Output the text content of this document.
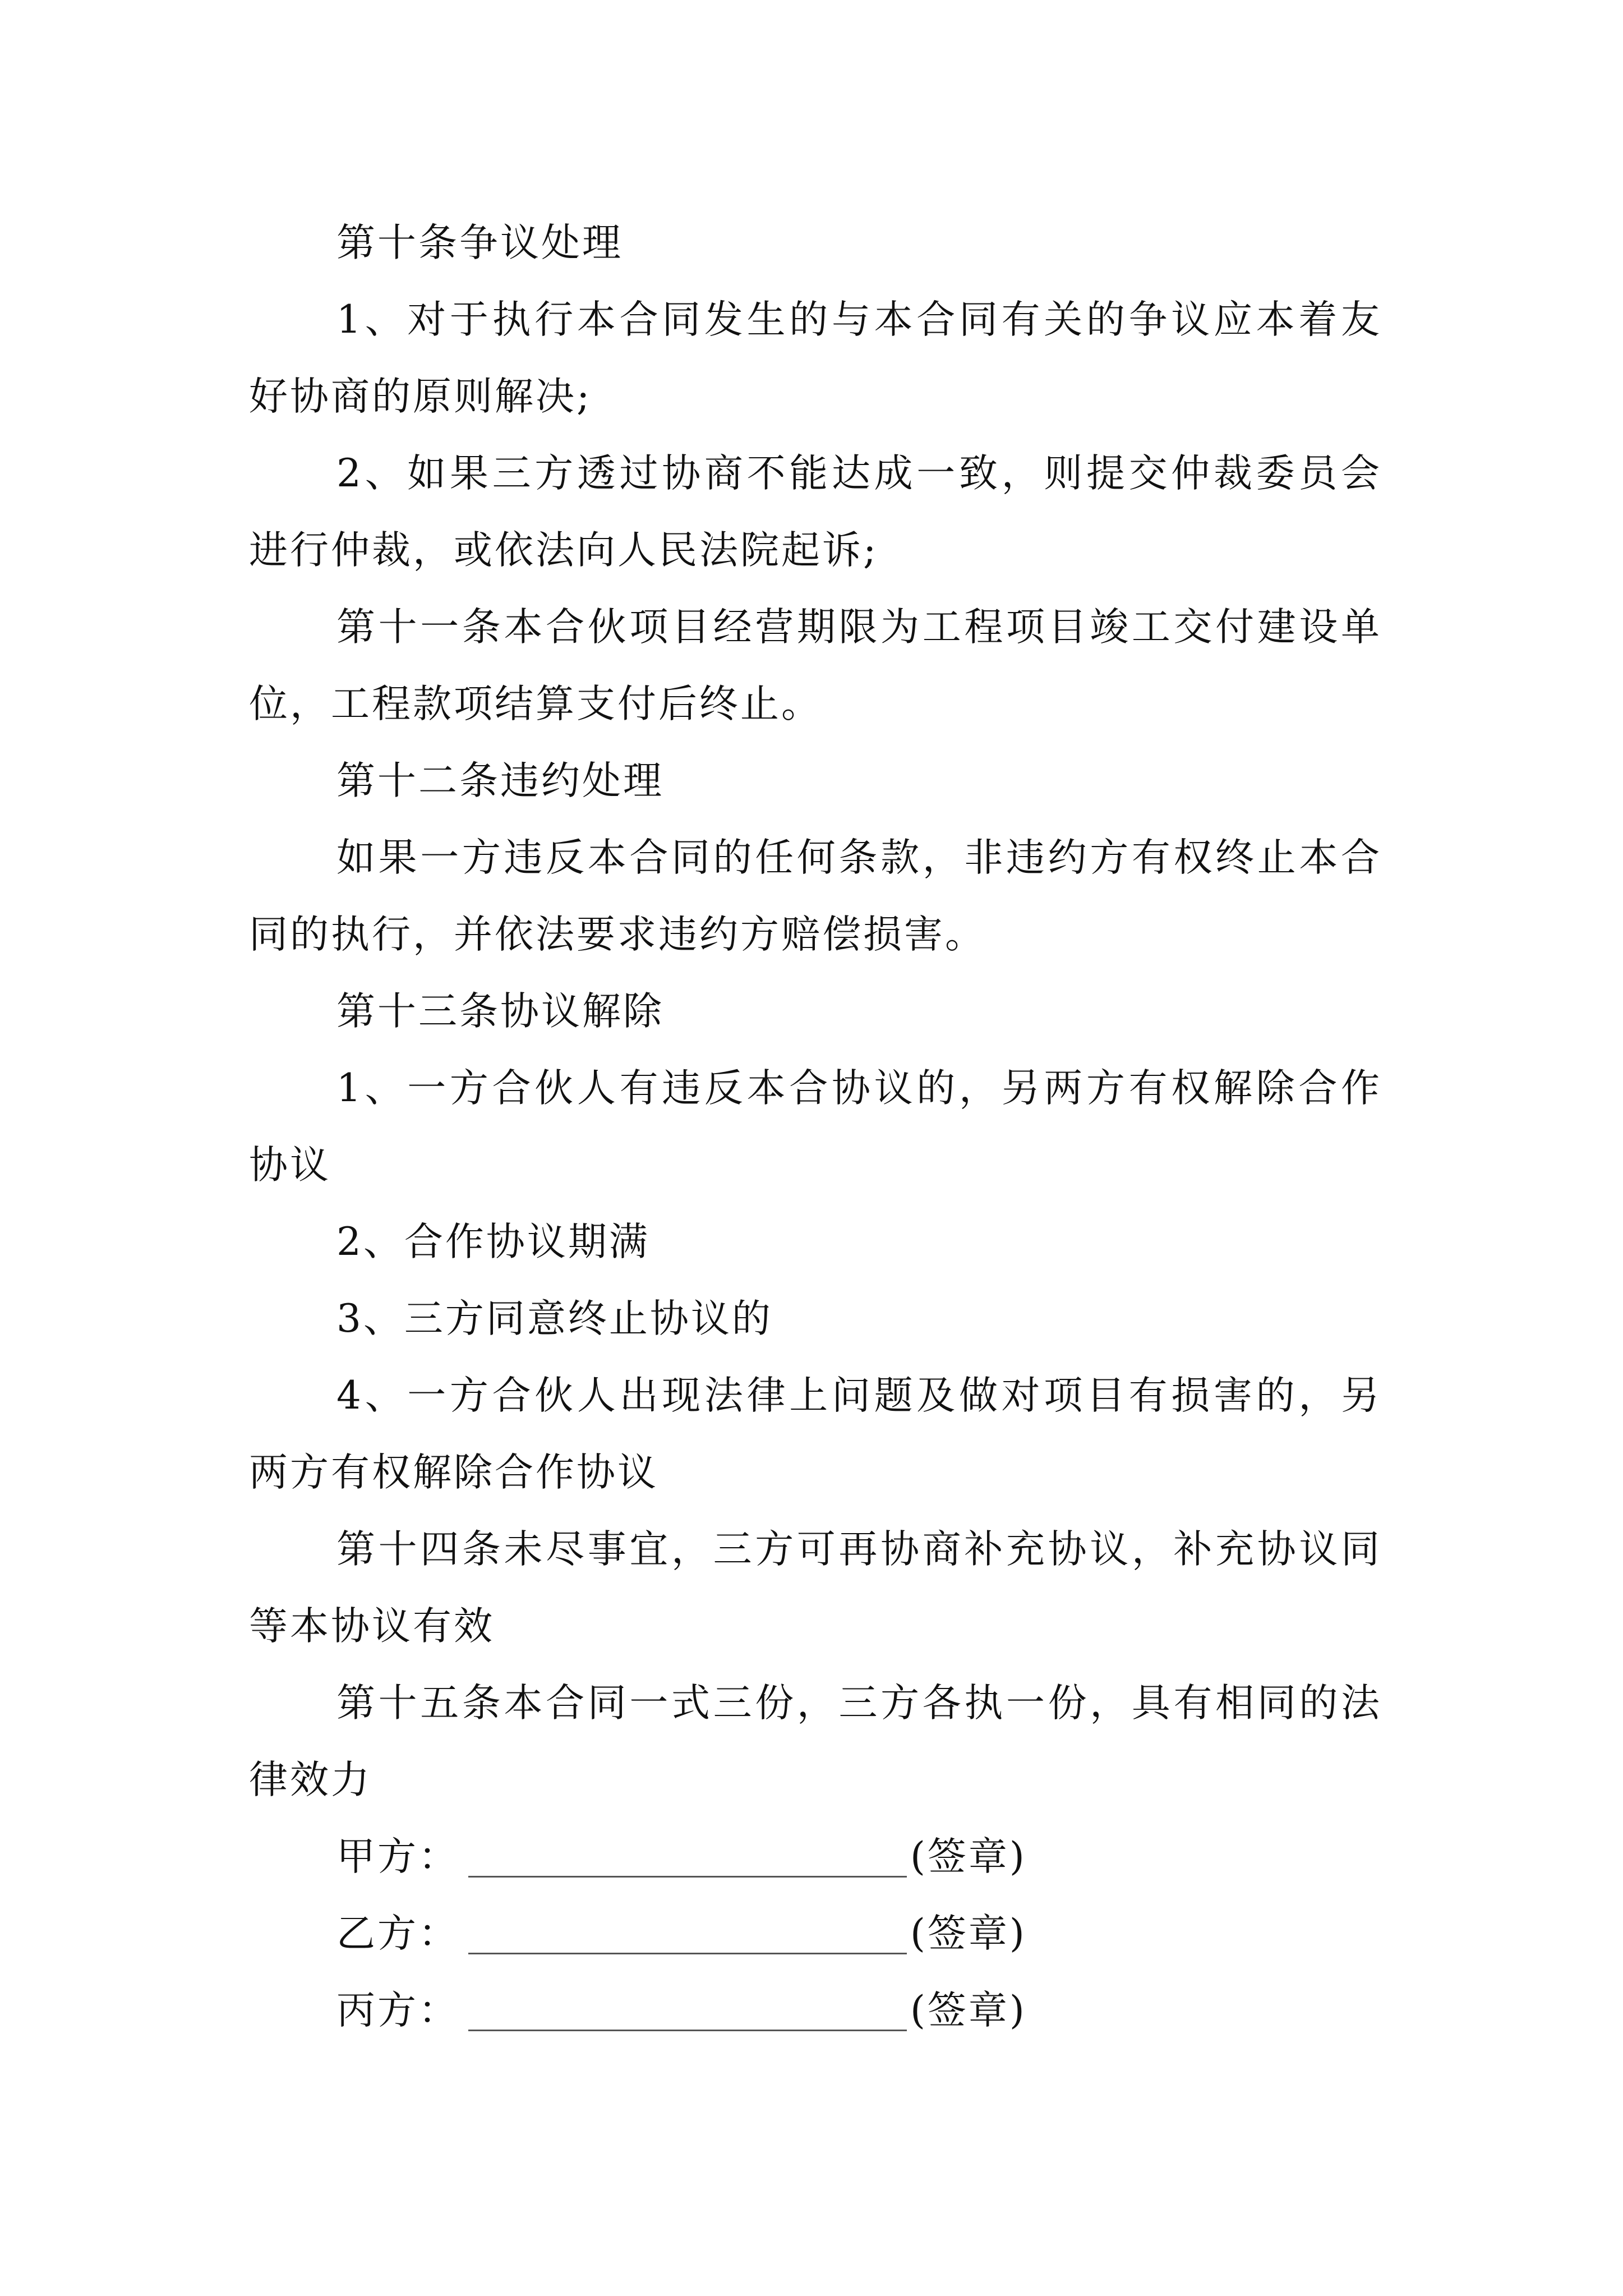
第十条争议处理

1、对于执行本合同发生的与本合同有关的争议应本着友好协商的原则解决;

2、如果三方透过协商不能达成一致，则提交仲裁委员会进行仲裁，或依法向人民法院起诉;

第十一条本合伙项目经营期限为工程项目竣工交付建设单位，工程款项结算支付后终止。

第十二条违约处理

如果一方违反本合同的任何条款，非违约方有权终止本合同的执行，并依法要求违约方赔偿损害。

第十三条协议解除

1、一方合伙人有违反本合协议的，另两方有权解除合作协议

2、合作协议期满

3、三方同意终止协议的

4、一方合伙人出现法律上问题及做对项目有损害的，另两方有权解除合作协议

第十四条未尽事宜，三方可再协商补充协议，补充协议同等本协议有效

第十五条本合同一式三份，三方各执一份，具有相同的法律效力

甲方：	(签章)
乙方：	(签章)
丙方：	(签章)
